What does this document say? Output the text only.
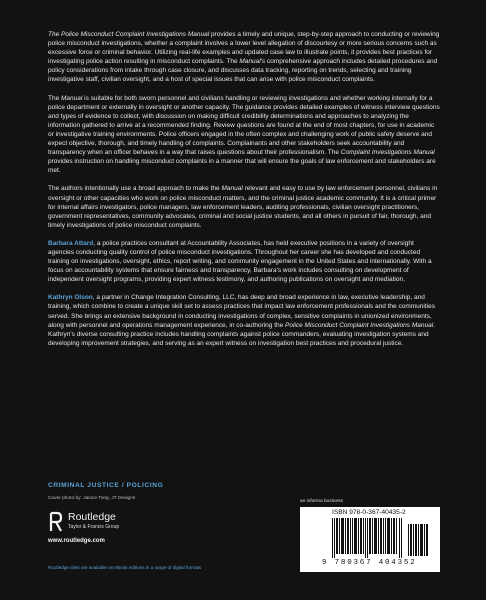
The Police Misconduct Complaint Investigations Manual provides a timely and unique, step-by-step approach to conducting or reviewing police misconduct investigations, whether a complaint involves a lower level allegation of discourtesy or more serious concerns such as excessive force or criminal behavior. Utilizing real-life examples and updated case law to illustrate points, it provides best practices for investigating police action resulting in misconduct complaints. The Manual's comprehensive approach includes detailed procedures and policy considerations from intake through case closure, and discusses data tracking, reporting on trends, selecting and training investigative staff, civilian oversight, and a host of special issues that can arise with police misconduct complaints.

The Manual is suitable for both sworn personnel and civilians handling or reviewing investigations and whether working internally for a police department or externally in oversight or another capacity. The guidance provides detailed examples of witness interview questions and types of evidence to collect, with discussion on making difficult credibility determinations and approaches to analyzing the information gathered to arrive at a recommended finding. Review questions are found at the end of most chapters, for use in academic or investigative training environments. Police officers engaged in the often complex and challenging work of public safety deserve and expect objective, thorough, and timely handling of complaints. Complainants and other stakeholders seek accountability and transparency when an officer behaves in a way that raises questions about their professionalism. The Complaint Investigations Manual provides instruction on handling misconduct complaints in a manner that will ensure the goals of law enforcement and stakeholders are met.

The authors intentionally use a broad approach to make the Manual relevant and easy to use by law enforcement personnel, civilians in oversight or other capacities who work on police misconduct matters, and the criminal justice academic community. It is a critical primer for internal affairs investigators, police managers, law enforcement leaders, auditing professionals, civilian oversight practitioners, government representatives, community advocates, criminal and social justice students, and all others in pursuit of fair, thorough, and timely investigations of police misconduct complaints.

Barbara Attard, a police practices consultant at Accountability Associates, has held executive positions in a variety of oversight agencies conducting quality control of police misconduct investigations. Throughout her career she has developed and conducted training on investigations, oversight, ethics, report writing, and community engagement in the United States and internationally. With a focus on accountability systems that ensure fairness and transparency, Barbara's work includes consulting on development of independent oversight programs, providing expert witness testimony, and authoring publications on oversight and mediation.

Kathryn Olson, a partner in Change Integration Consulting, LLC, has deep and broad experience in law, executive leadership, and training, which combine to create a unique skill set to assess practices that impact law enforcement professionals and the communities served. She brings an extensive background in conducting investigations of complex, sensitive complaints in unionized environments, along with personnel and operations management experience, in co-authoring the Police Misconduct Complaint Investigations Manual. Kathryn's diverse consulting practice includes handling complaints against police commanders, evaluating investigation systems and developing improvement strategies, and serving as an expert witness on investigation best practices and procedural justice.

CRIMINAL JUSTICE / POLICING
Cover photo by: Janice Tong, JT Designs
Routledge
Taylor & Francis Group
www.routledge.com
Routledge titles are available as eBook editions in a range of digital formats
an informa business
ISBN 978-0-367-40435-2
9 780367 404352
